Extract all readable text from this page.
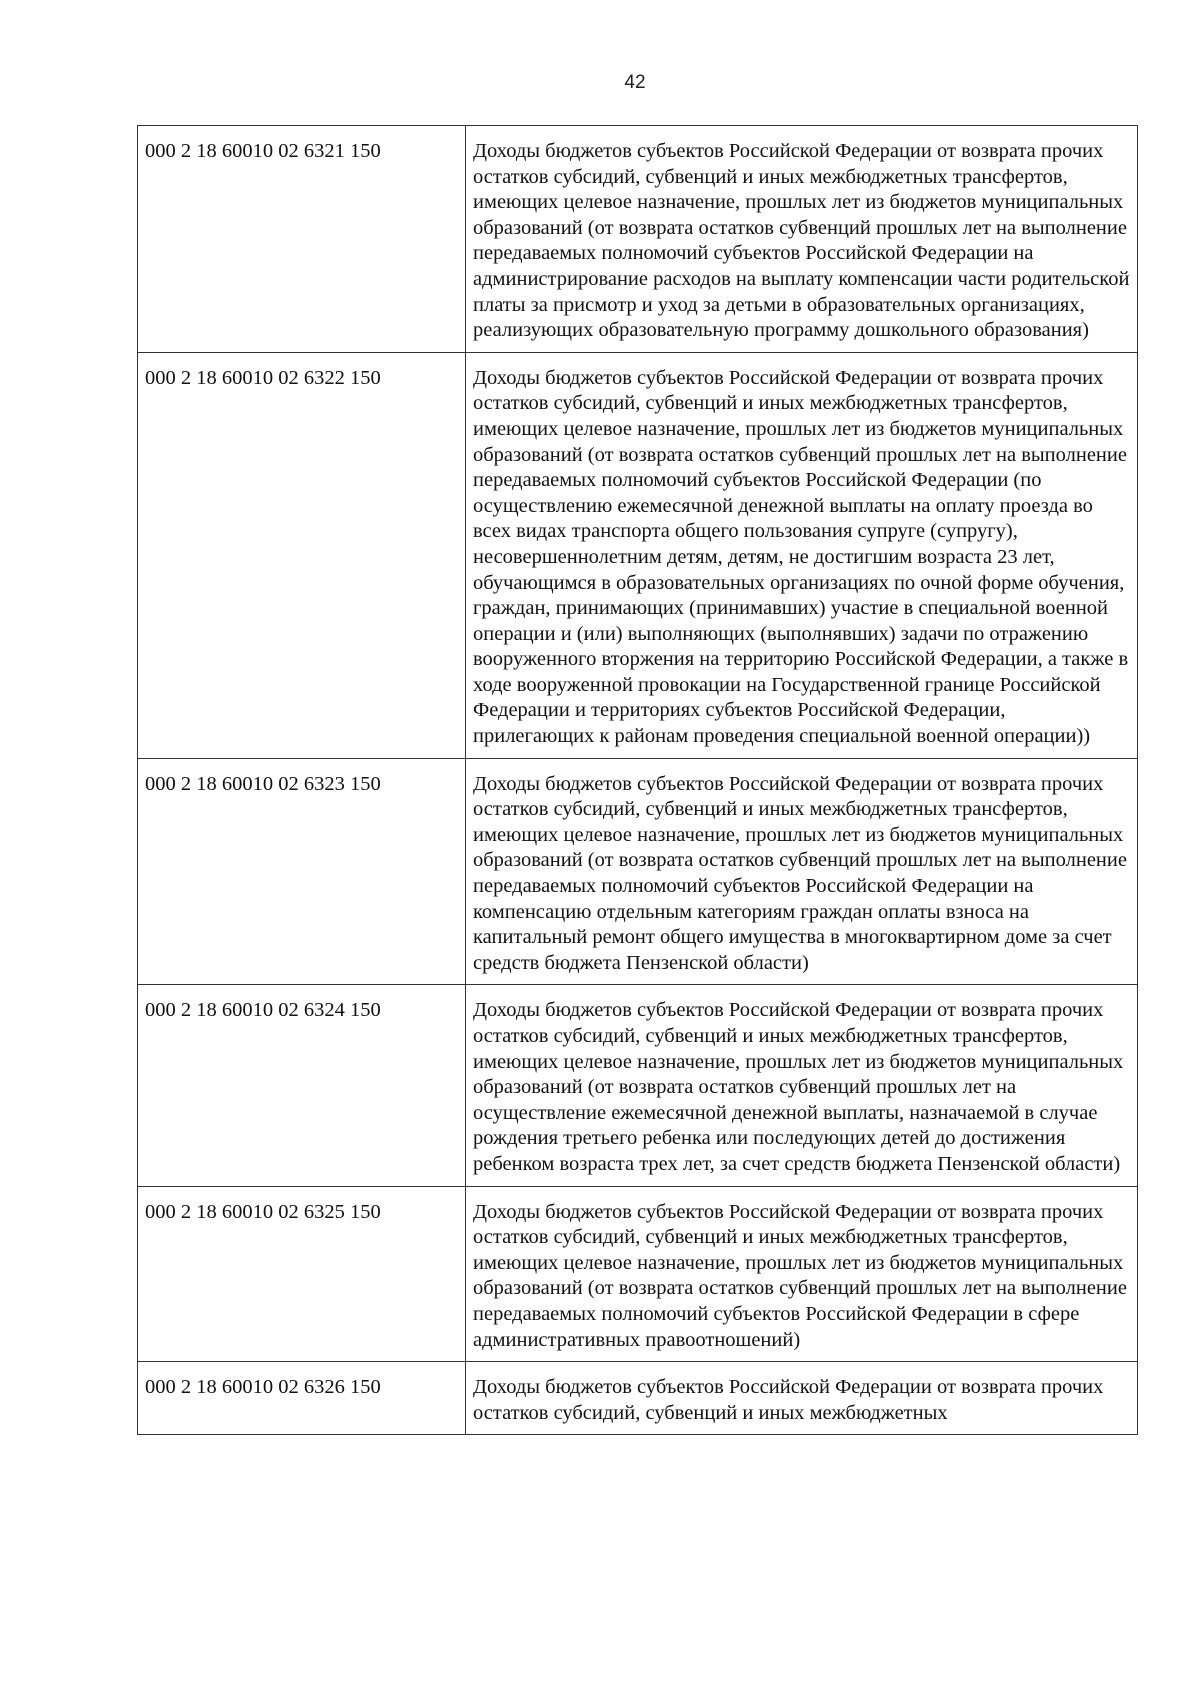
42
000 2 18 60010 02 6321 150	Доходы бюджетов субъектов Российской Федерации от возврата прочих остатков субсидий, субвенций и иных межбюджетных трансфертов, имеющих целевое назначение, прошлых лет из бюджетов муниципальных образований (от возврата остатков субвенций прошлых лет на выполнение передаваемых полномочий субъектов Российской Федерации на администрирование расходов на выплату компенсации части родительской платы за присмотр и уход за детьми в образовательных организациях, реализующих образовательную программу дошкольного образования)
000 2 18 60010 02 6322 150	Доходы бюджетов субъектов Российской Федерации от возврата прочих остатков субсидий, субвенций и иных межбюджетных трансфертов, имеющих целевое назначение, прошлых лет из бюджетов муниципальных образований (от возврата остатков субвенций прошлых лет на выполнение передаваемых полномочий субъектов Российской Федерации (по осуществлению ежемесячной денежной выплаты на оплату проезда во всех видах транспорта общего пользования супруге (супругу), несовершеннолетним детям, детям, не достигшим возраста 23 лет, обучающимся в образовательных организациях по очной форме обучения, граждан, принимающих (принимавших) участие в специальной военной операции и (или) выполняющих (выполнявших) задачи по отражению вооруженного вторжения на территорию Российской Федерации, а также в ходе вооруженной провокации на Государственной границе Российской Федерации и территориях субъектов Российской Федерации, прилегающих к районам проведения специальной военной операции))
000 2 18 60010 02 6323 150	Доходы бюджетов субъектов Российской Федерации от возврата прочих остатков субсидий, субвенций и иных межбюджетных трансфертов, имеющих целевое назначение, прошлых лет из бюджетов муниципальных образований (от возврата остатков субвенций прошлых лет на выполнение передаваемых полномочий субъектов Российской Федерации на компенсацию отдельным категориям граждан оплаты взноса на капитальный ремонт общего имущества в многоквартирном доме за счет средств бюджета Пензенской области)
000 2 18 60010 02 6324 150	Доходы бюджетов субъектов Российской Федерации от возврата прочих остатков субсидий, субвенций и иных межбюджетных трансфертов, имеющих целевое назначение, прошлых лет из бюджетов муниципальных образований (от возврата остатков субвенций прошлых лет на осуществление ежемесячной денежной выплаты, назначаемой в случае рождения третьего ребенка или последующих детей до достижения ребенком возраста трех лет, за счет средств бюджета Пензенской области)
000 2 18 60010 02 6325 150	Доходы бюджетов субъектов Российской Федерации от возврата прочих остатков субсидий, субвенций и иных межбюджетных трансфертов, имеющих целевое назначение, прошлых лет из бюджетов муниципальных образований (от возврата остатков субвенций прошлых лет на выполнение передаваемых полномочий субъектов Российской Федерации в сфере административных правоотношений)
000 2 18 60010 02 6326 150	Доходы бюджетов субъектов Российской Федерации от возврата прочих остатков субсидий, субвенций и иных межбюджетных
